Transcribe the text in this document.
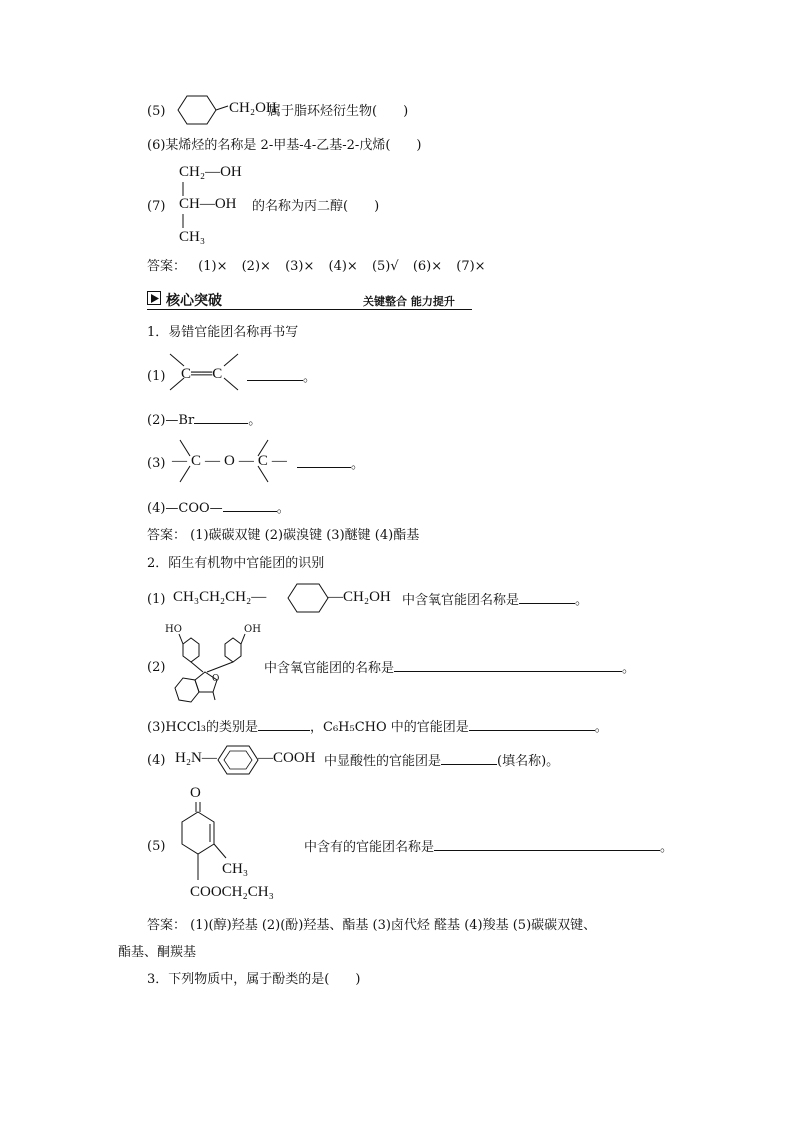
(5)	CH₂OH
属于脂环烃衍生物(　　)
(6)某烯烃的名称是 2-甲基-4-乙基-2-戊烯(　　)
CH₂—OH
(7) CH—OH
CH₃
的名称为丙二醇(　　)
答案： (1)× (2)× (3)× (4)× (5)√ (6)× (7)×
核心突破	关键整合 能力提升
1．易错官能团名称再书写
(1) C══C	。
(2)—Br	。
(3) —C—O—C—	。
(4)—COO—	。
答案： (1)碳碳双键 (2)碳溴键 (3)醚键 (4)酯基
2．陌生有机物中官能团的识别
(1) CH₃CH₂CH₂—	—CH₂OH 中含氧官能团名称是	。
(2)
HO	OH
O
中含氧官能团的名称是	。
(3)HCCl₃的类别是	，C₆H₅CHO 中的官能团是	。
(4) H₂N—	—COOH 中显酸性的官能团是	(填名称)。
O
(5)
CH₃
COOCH₂CH₃
中含有的官能团名称是	。
答案： (1)(醇)羟基 (2)(酚)羟基、酯基 (3)卤代烃 醛基 (4)羧基 (5)碳碳双键、
酯基、酮羰基
3．下列物质中，属于酚类的是(　　)
